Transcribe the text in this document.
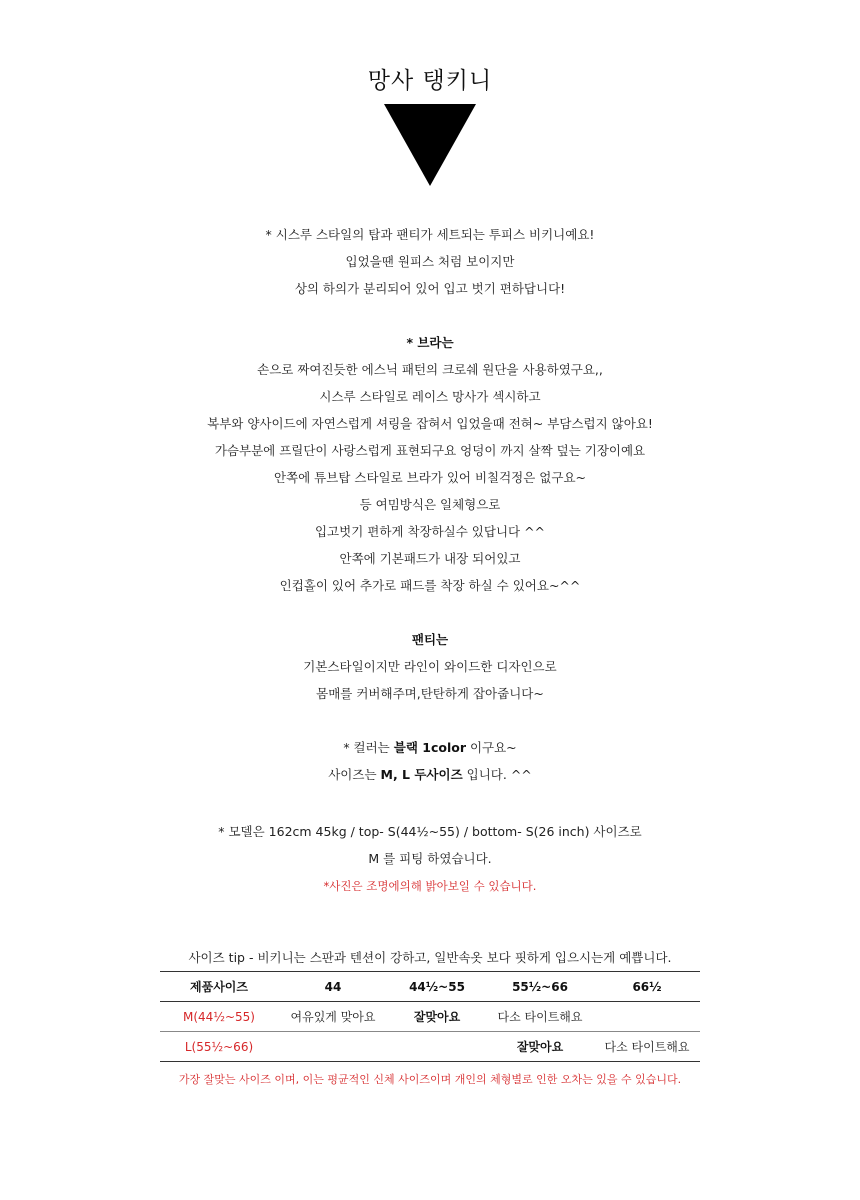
망사 탱키니
* 시스루 스타일의 탑과 팬티가 세트되는 투피스 비키니예요!
입었을땐 원피스 처럼 보이지만
상의 하의가 분리되어 있어 입고 벗기 편하답니다!
* 브라는
손으로 짜여진듯한 에스닉 패턴의 크로쉐 원단을 사용하였구요,,
시스루 스타일로 레이스 망사가 섹시하고
복부와 양사이드에 자연스럽게 셔링을 잡혀서 입었을때 전혀~ 부담스럽지 않아요!
가슴부분에 프릴단이 사랑스럽게 표현되구요 엉덩이 까지 살짝 덮는 기장이예요
안쪽에 튜브탑 스타일로 브라가 있어 비칠걱정은 없구요~
등 여밈방식은 일체형으로
입고벗기 편하게 착장하실수 있답니다 ^^
안쪽에 기본패드가 내장 되어있고
인컵홀이 있어 추가로 패드를 착장 하실 수 있어요~^^
팬티는
기본스타일이지만 라인이 와이드한 디자인으로
몸매를 커버해주며,탄탄하게 잡아줍니다~
* 컬러는 블랙 1color 이구요~
사이즈는 M, L 두사이즈 입니다. ^^
* 모델은 162cm 45kg / top- S(44½~55) / bottom- S(26 inch) 사이즈로
M 를 피팅 하였습니다.
*사진은 조명에의해 밝아보일 수 있습니다.
사이즈 tip - 비키니는 스판과 텐션이 강하고, 일반속옷 보다 핏하게 입으시는게 예쁩니다.
제품사이즈	44	44½~55	55½~66	66½
M(44½~55)	여유있게 맞아요	잘맞아요	다소 타이트해요	
L(55½~66)			잘맞아요	다소 타이트해요
가장 잘맞는 사이즈 이며, 이는 평균적인 신체 사이즈이며 개인의 체형별로 인한 오차는 있을 수 있습니다.
